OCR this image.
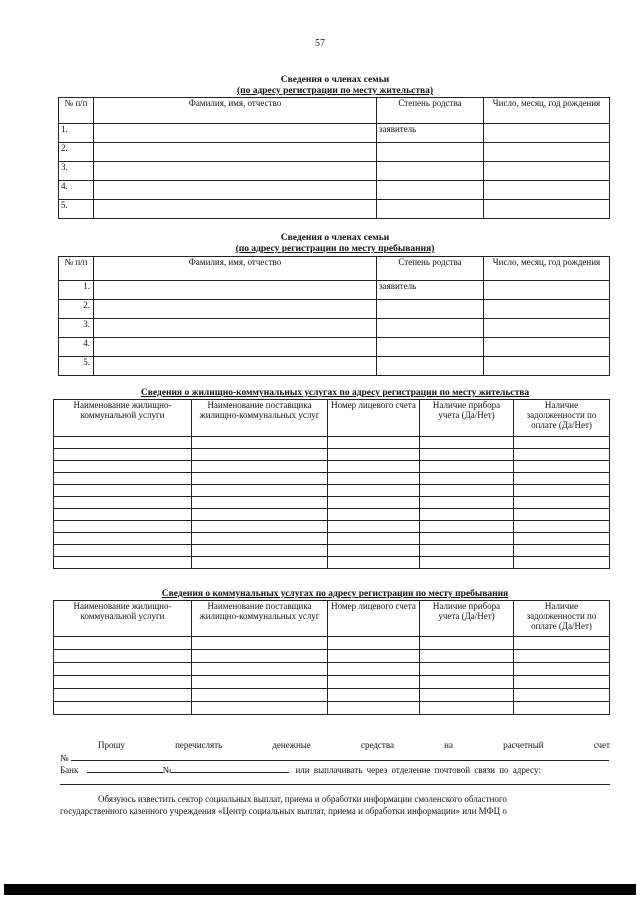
57
Сведения о членах семьи
(по адресу регистрации по месту жительства)
№ п/п	Фамилия, имя, отчество	Степень родства	Число, месяц, год рождения
1.		заявитель	
2.			
3.			
4.			
5.			
Сведения о членах семьи
(по адресу регистрации по месту пребывания)
№ п/п	Фамилия, имя, отчество	Степень родства	Число, месяц, год рождения
1.		заявитель	
2.			
3.			
4.			
5.			
Сведения о жилищно-коммунальных услугах по адресу регистрации по месту жительства
Наименование жилищно-коммунальной услуги	Наименование поставщика жилищно-коммунальных услуг	Номер лицевого счета	Наличие прибора учета (Да/Нет)	Наличие задолженности по оплате (Да/Нет)

Сведения о коммунальных услугах по адресу регистрации по месту пребывания
Наименование жилищно-коммунальной услуги	Наименование поставщика жилищно-коммунальных услуг	Номер лицевого счета	Наличие прибора учета (Да/Нет)	Наличие задолженности по оплате (Да/Нет)

Прошу	перечислять	денежные	средства	на	расчетный	счет
№
Банк	№	или выплачивать через отделение почтовой связи по адресу:
Обязуюсь известить сектор социальных выплат, приема и обработки информации смоленского областного
государственного казенного учреждения «Центр социальных выплат, приема и обработки информации» или МФЦ о
